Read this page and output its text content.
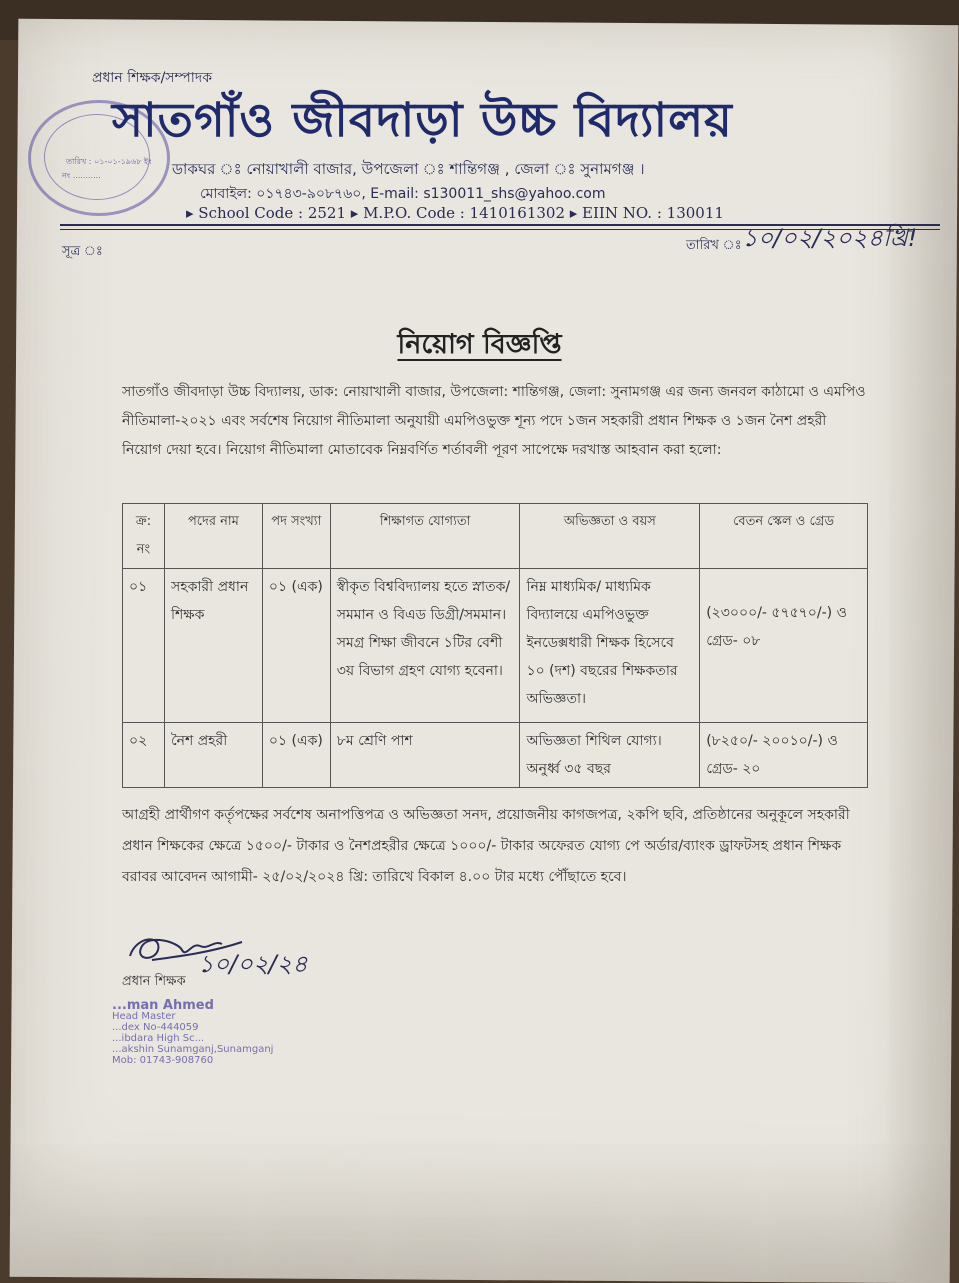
তারিখ : ০১-০১-১৯৬৮ ইং
নং ...........
প্রধান শিক্ষক/সম্পাদক
সাতগাঁও জীবদাড়া উচ্চ বিদ্যালয়
ডাকঘর ঃ নোয়াখালী বাজার, উপজেলা ঃ শান্তিগঞ্জ , জেলা ঃ সুনামগঞ্জ ।
মোবাইল: ০১৭৪৩-৯০৮৭৬০, E-mail: s130011_shs@yahoo.com
▸ School Code : 2521 ▸ M.P.O. Code : 1410161302 ▸ EIIN NO. : 130011
সূত্র ঃ	তারিখ ঃ ১০/০২/২০২৪খ্রি!
নিয়োগ বিজ্ঞপ্তি
সাতগাঁও জীবদাড়া উচ্চ বিদ্যালয়, ডাক: নোয়াখালী বাজার, উপজেলা: শান্তিগঞ্জ, জেলা: সুনামগঞ্জ এর জন্য জনবল কাঠামো ও এমপিও নীতিমালা-২০২১ এবং সর্বশেষ নিয়োগ নীতিমালা অনুযায়ী এমপিওভুক্ত শূন্য পদে ১জন সহকারী প্রধান শিক্ষক ও ১জন নৈশ প্রহরী নিয়োগ দেয়া হবে। নিয়োগ নীতিমালা মোতাবেক নিম্নবর্ণিত শর্তাবলী পূরণ সাপেক্ষে দরখাস্ত আহবান করা হলো:
ক্র: নং	পদের নাম	পদ সংখ্যা	শিক্ষাগত যোগ্যতা	অভিজ্ঞতা ও বয়স	বেতন স্কেল ও গ্রেড
০১	সহকারী প্রধান শিক্ষক	০১ (এক)	স্বীকৃত বিশ্ববিদ্যালয় হতে স্নাতক/সমমান ও বিএড ডিগ্রী/সমমান। সমগ্র শিক্ষা জীবনে ১টির বেশী ৩য় বিভাগ গ্রহণ যোগ্য হবেনা।	নিম্ন মাধ্যমিক/ মাধ্যমিক বিদ্যালয়ে এমপিওভুক্ত ইনডেক্সধারী শিক্ষক হিসেবে ১০ (দশ) বছরের শিক্ষকতার অভিজ্ঞতা।	(২৩০০০/- ৫৭৫৭০/-) ও গ্রেড- ০৮
০২	নৈশ প্রহরী	০১ (এক)	৮ম শ্রেণি পাশ	অভিজ্ঞতা শিথিল যোগ্য। অনুর্ধ্ব ৩৫ বছর	(৮২৫০/- ২০০১০/-) ও গ্রেড- ২০
আগ্রহী প্রার্থীগণ কর্তৃপক্ষের সর্বশেষ অনাপত্তিপত্র ও অভিজ্ঞতা সনদ, প্রয়োজনীয় কাগজপত্র, ২কপি ছবি, প্রতিষ্ঠানের অনুকূলে সহকারী প্রধান শিক্ষকের ক্ষেত্রে ১৫০০/- টাকার ও নৈশপ্রহরীর ক্ষেত্রে ১০০০/- টাকার অফেরত যোগ্য পে অর্ডার/ব্যাংক ড্রাফটসহ প্রধান শিক্ষক বরাবর আবেদন আগামী- ২৫/০২/২০২৪ খ্রি: তারিখে বিকাল ৪.০০ টার মধ্যে পৌঁছাতে হবে।
১০/০২/২৪
প্রধান শিক্ষক
...man Ahmed
Head Master
...dex No-444059
...ibdara High Sc...
...akshin Sunamganj,Sunamganj
Mob: 01743-908760
